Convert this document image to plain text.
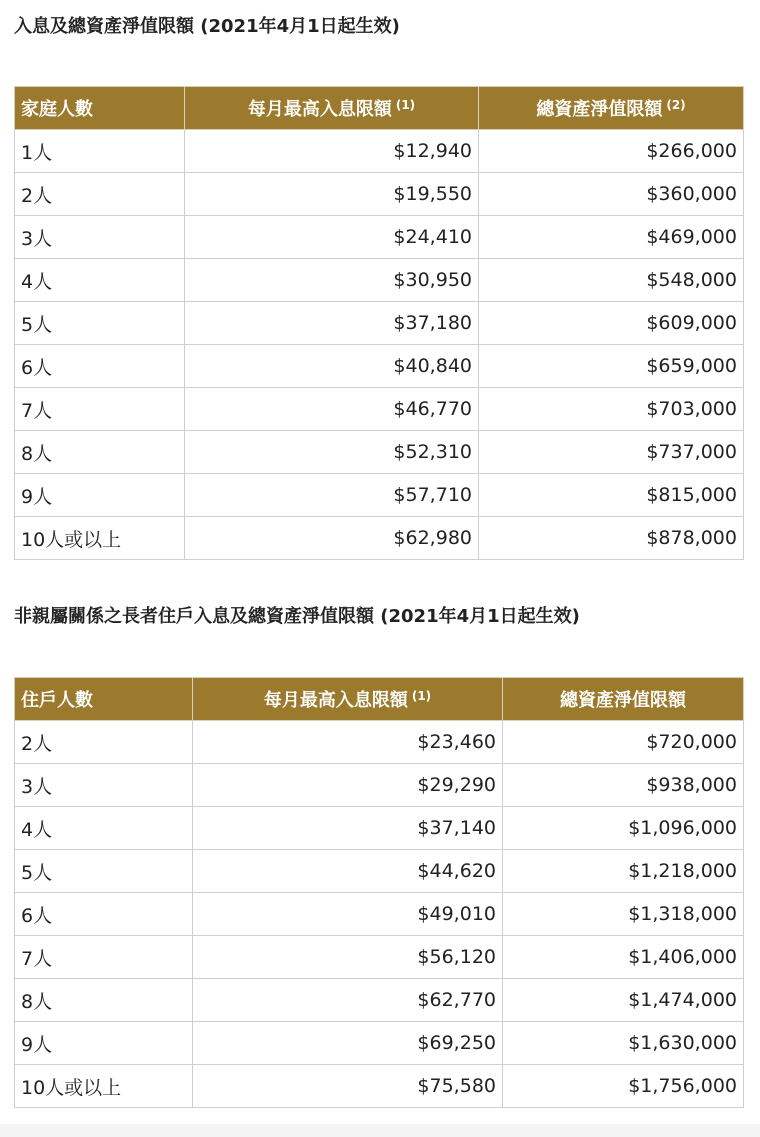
入息及總資產淨值限額 (2021年4月1日起生效)
家庭人數	每月最高入息限額 $^{(1)}$	總資產淨值限額 $^{(2)}$
1人	$12,940	$266,000
2人	$19,550	$360,000
3人	$24,410	$469,000
4人	$30,950	$548,000
5人	$37,180	$609,000
6人	$40,840	$659,000
7人	$46,770	$703,000
8人	$52,310	$737,000
9人	$57,710	$815,000
10人或以上	$62,980	$878,000
非親屬關係之長者住戶入息及總資產淨值限額 (2021年4月1日起生效)
住戶人數	每月最高入息限額 $^{(1)}$	總資產淨值限額
2人	$23,460	$720,000
3人	$29,290	$938,000
4人	$37,140	$1,096,000
5人	$44,620	$1,218,000
6人	$49,010	$1,318,000
7人	$56,120	$1,406,000
8人	$62,770	$1,474,000
9人	$69,250	$1,630,000
10人或以上	$75,580	$1,756,000
